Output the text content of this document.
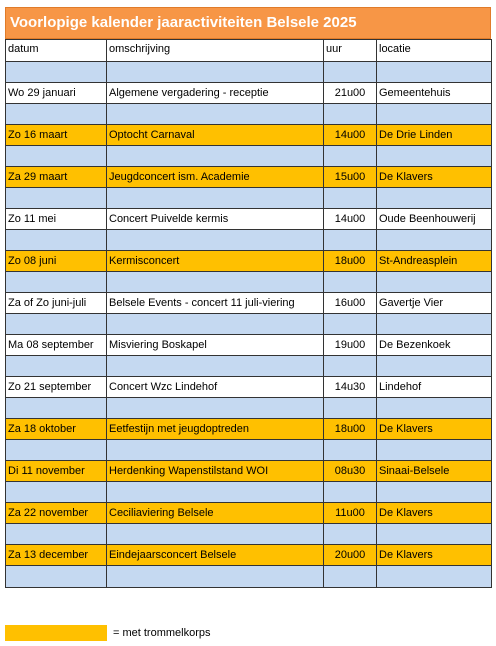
Voorlopige kalender jaaractiviteiten Belsele 2025
datum	omschrijving	uur	locatie

Wo 29 januari	Algemene vergadering - receptie	21u00	Gemeentehuis

Zo 16 maart	Optocht Carnaval	14u00	De Drie Linden

Za 29 maart	Jeugdconcert ism. Academie	15u00	De Klavers

Zo 11 mei	Concert Puivelde kermis	14u00	Oude Beenhouwerij

Zo 08 juni	Kermisconcert	18u00	St-Andreasplein

Za of Zo juni-juli	Belsele Events - concert 11 juli-viering	16u00	Gavertje Vier

Ma 08 september	Misviering Boskapel	19u00	De Bezenkoek

Zo 21 september	Concert Wzc Lindehof	14u30	Lindehof

Za 18 oktober	Eetfestijn met jeugdoptreden	18u00	De Klavers

Di 11 november	Herdenking Wapenstilstand WOI	08u30	Sinaai-Belsele

Za 22 november	Ceciliaviering Belsele	11u00	De Klavers

Za 13 december	Eindejaarsconcert Belsele	20u00	De Klavers

= met trommelkorps
